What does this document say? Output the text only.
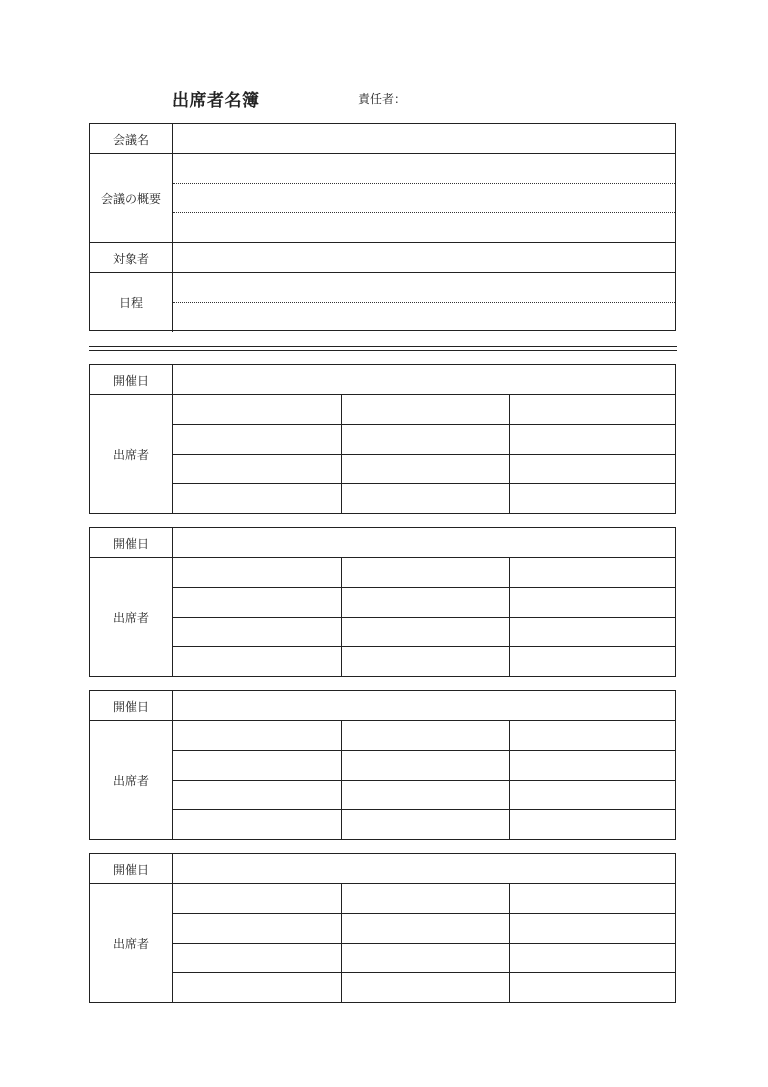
出席者名簿	責任者：
会議名
会議の概要
対象者
日程
開催日
出席者
開催日
出席者
開催日
出席者
開催日
出席者
